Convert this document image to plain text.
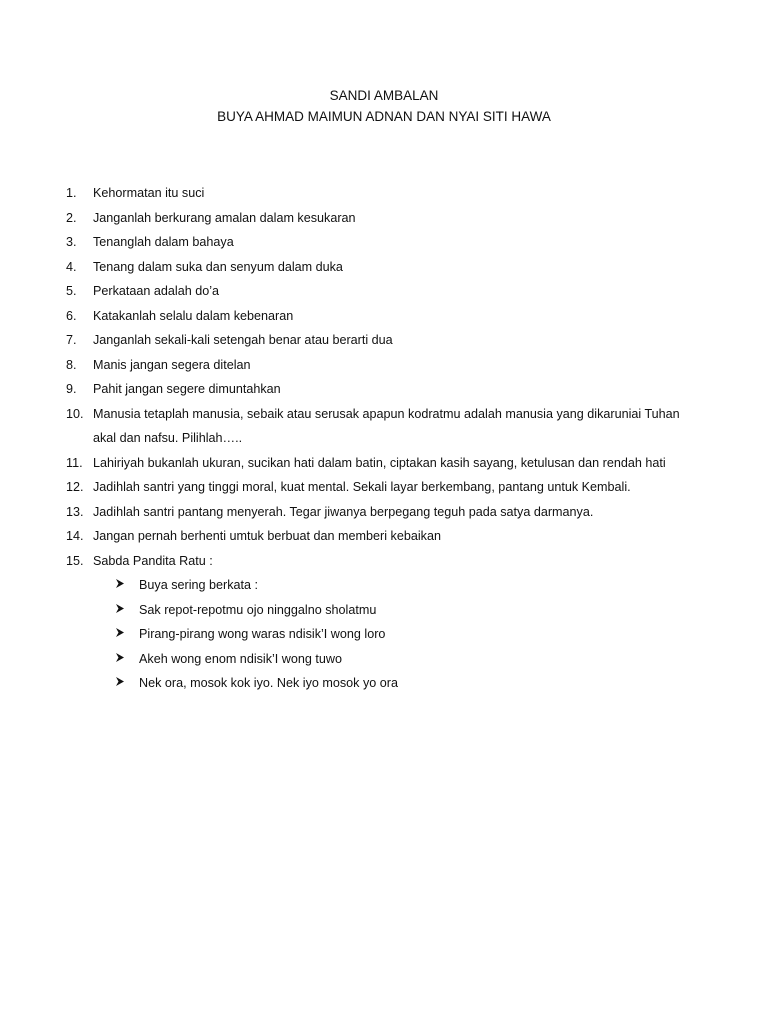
SANDI AMBALAN
BUYA AHMAD MAIMUN ADNAN DAN NYAI SITI HAWA
1.	Kehormatan itu suci
2.	Janganlah berkurang amalan dalam kesukaran
3.	Tenanglah dalam bahaya
4.	Tenang dalam suka dan senyum dalam duka
5.	Perkataan adalah do’a
6.	Katakanlah selalu dalam kebenaran
7.	Janganlah sekali-kali setengah benar atau berarti dua
8.	Manis jangan segera ditelan
9.	Pahit jangan segere dimuntahkan
10. Manusia tetaplah manusia, sebaik atau serusak apapun kodratmu adalah manusia yang dikaruniai Tuhan
akal dan nafsu. Pilihlah…..
11. Lahiriyah bukanlah ukuran, sucikan hati dalam batin, ciptakan kasih sayang, ketulusan dan rendah hati
12. Jadihlah santri yang tinggi moral, kuat mental. Sekali layar berkembang, pantang untuk Kembali.
13. Jadihlah santri pantang menyerah. Tegar jiwanya berpegang teguh pada satya darmanya.
14. Jangan pernah berhenti umtuk berbuat dan memberi kebaikan
15. Sabda Pandita Ratu :
Buya sering berkata :
Sak repot-repotmu ojo ninggalno sholatmu
Pirang-pirang wong waras ndisik’I wong loro
Akeh wong enom ndisik’I wong tuwo
Nek ora, mosok kok iyo. Nek iyo mosok yo ora
